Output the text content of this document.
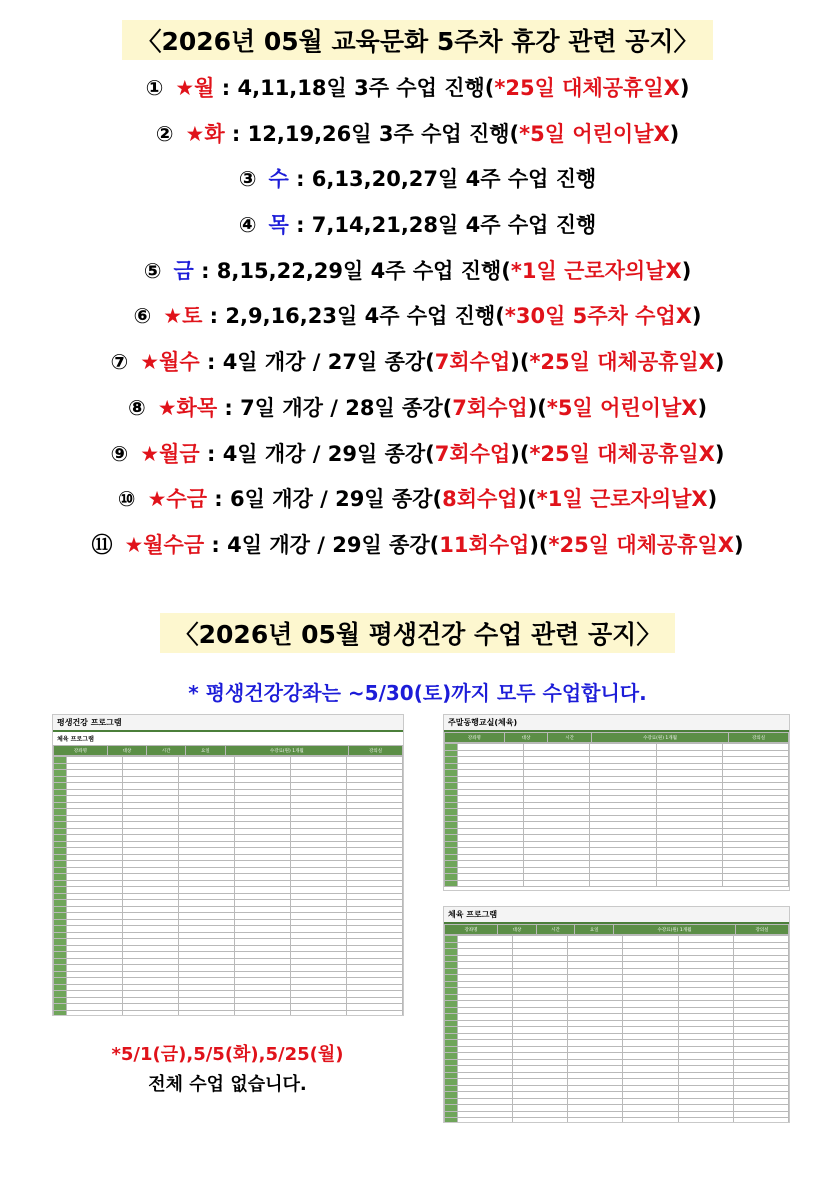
〈2026년 05월 교육문화 5주차 휴강 관련 공지〉
① ★월 : 4,11,18일 3주 수업 진행(*25일 대체공휴일X)
② ★화 : 12,19,26일 3주 수업 진행(*5일 어린이날X)
③ 수 : 6,13,20,27일 4주 수업 진행
④ 목 : 7,14,21,28일 4주 수업 진행
⑤ 금 : 8,15,22,29일 4주 수업 진행(*1일 근로자의날X)
⑥ ★토 : 2,9,16,23일 4주 수업 진행(*30일 5주차 수업X)
⑦ ★월수 : 4일 개강 / 27일 종강(7회수업)(*25일 대체공휴일X)
⑧ ★화목 : 7일 개강 / 28일 종강(7회수업)(*5일 어린이날X)
⑨ ★월금 : 4일 개강 / 29일 종강(7회수업)(*25일 대체공휴일X)
⑩ ★수금 : 6일 개강 / 29일 종강(8회수업)(*1일 근로자의날X)
⑪ ★월수금 : 4일 개강 / 29일 종강(11회수업)(*25일 대체공휴일X)
〈2026년 05월 평생건강 수업 관련 공지〉
* 평생건강강좌는 ~5/30(토)까지 모두 수업합니다.
평생건강 프로그램
체육 프로그램
강좌명	대상	시간	요일	수강료(원) 1개월	강의실

주말동행교실(체육)
강좌명	대상	시간	수강료(원) 1개월	강의실

체육 프로그램
강좌명	대상	시간	요일	수강료(원) 1개월	강의실

*5/1(금),5/5(화),5/25(월)
전체 수업 없습니다.
